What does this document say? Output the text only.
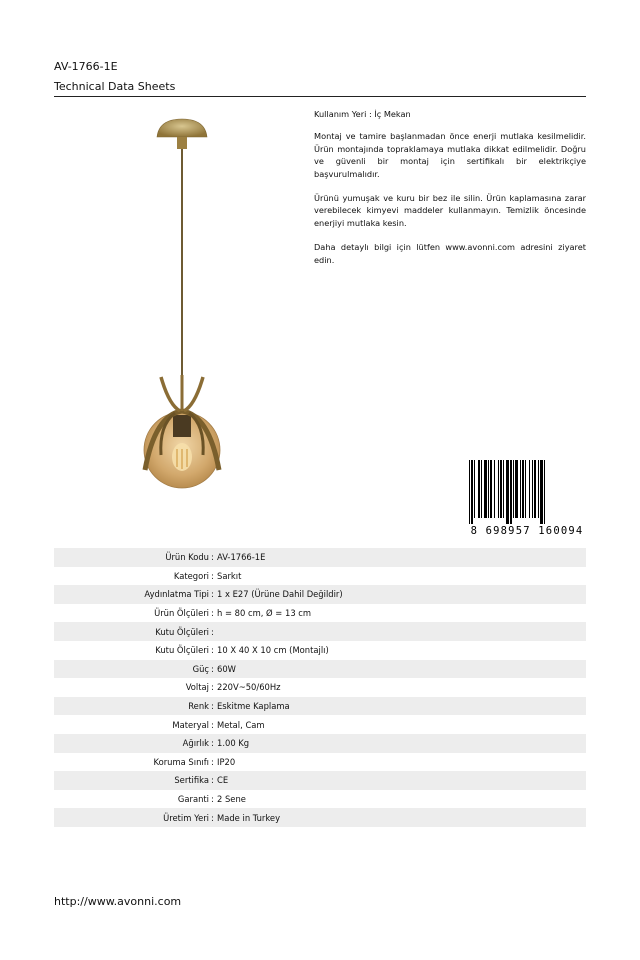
AV-1766-1E
Technical Data Sheets

Kullanım Yeri : İç Mekan

Montaj ve tamire başlanmadan önce enerji mutlaka kesilmelidir. Ürün montajında topraklamaya mutlaka dikkat edilmelidir. Doğru ve güvenli bir montaj için sertifikalı bir elektrikçiye başvurulmalıdır.

Ürünü yumuşak ve kuru bir bez ile silin. Ürün kaplamasına zarar verebilecek kimyevi maddeler kullanmayın. Temizlik öncesinde enerjiyi mutlaka kesin.

Daha detaylı bilgi için lütfen www.avonni.com adresini ziyaret edin.

8 698957 160094
Ürün Kodu : AV-1766-1E
Kategori : Sarkıt
Aydınlatma Tipi : 1 x E27 (Ürüne Dahil Değildir)
Ürün Ölçüleri : h = 80 cm, Ø = 13 cm
Kutu Ölçüleri :
Kutu Ölçüleri : 10 X 40 X 10 cm (Montajlı)
Güç : 60W
Voltaj : 220V~50/60Hz
Renk : Eskitme Kaplama
Materyal : Metal, Cam
Ağırlık : 1.00 Kg
Koruma Sınıfı : IP20
Sertifika : CE
Garanti : 2 Sene
Üretim Yeri : Made in Turkey
http://www.avonni.com
